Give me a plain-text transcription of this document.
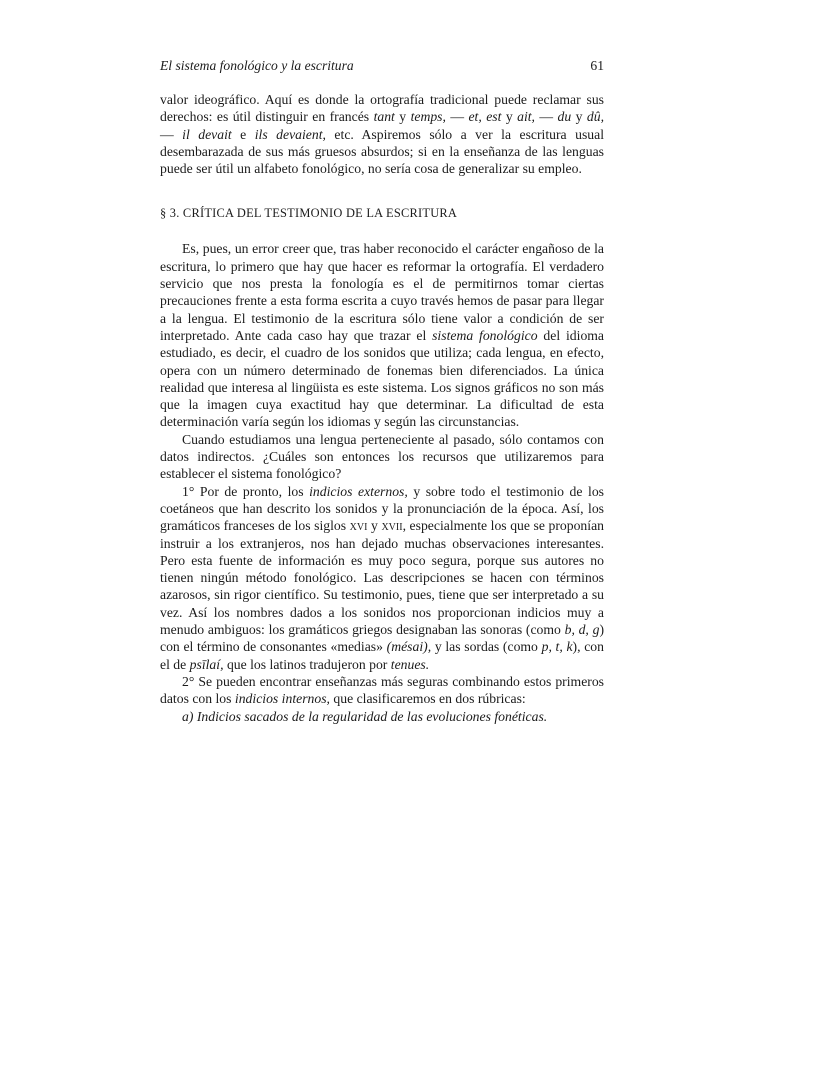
El sistema fonológico y la escritura	61

valor ideográfico. Aquí es donde la ortografía tradicional puede reclamar sus derechos: es útil distinguir en francés tant y temps, — et, est y ait, — du y dû, — il devait e ils devaient, etc. Aspiremos sólo a ver la escritura usual desembarazada de sus más gruesos absurdos; si en la enseñanza de las lenguas puede ser útil un alfabeto fonológico, no sería cosa de generalizar su empleo.

§ 3. CRÍTICA DEL TESTIMONIO DE LA ESCRITURA

Es, pues, un error creer que, tras haber reconocido el carácter engañoso de la escritura, lo primero que hay que hacer es reformar la ortografía. El verdadero servicio que nos presta la fonología es el de permitirnos tomar ciertas precauciones frente a esta forma escrita a cuyo través hemos de pasar para llegar a la lengua. El testimonio de la escritura sólo tiene valor a condición de ser interpretado. Ante cada caso hay que trazar el sistema fonológico del idioma estudiado, es decir, el cuadro de los sonidos que utiliza; cada lengua, en efecto, opera con un número determinado de fonemas bien diferenciados. La única realidad que interesa al lingüista es este sistema. Los signos gráficos no son más que la imagen cuya exactitud hay que determinar. La dificultad de esta determinación varía según los idiomas y según las circunstancias.

Cuando estudiamos una lengua perteneciente al pasado, sólo contamos con datos indirectos. ¿Cuáles son entonces los recursos que utilizaremos para establecer el sistema fonológico?

1° Por de pronto, los indicios externos, y sobre todo el testimonio de los coetáneos que han descrito los sonidos y la pronunciación de la época. Así, los gramáticos franceses de los siglos xvi y xvii, especialmente los que se proponían instruir a los extranjeros, nos han dejado muchas observaciones interesantes. Pero esta fuente de información es muy poco segura, porque sus autores no tienen ningún método fonológico. Las descripciones se hacen con términos azarosos, sin rigor científico. Su testimonio, pues, tiene que ser interpretado a su vez. Así los nombres dados a los sonidos nos proporcionan indicios muy a menudo ambiguos: los gramáticos griegos designaban las sonoras (como b, d, g) con el término de consonantes «medias» (mésai), y las sordas (como p, t, k), con el de psīlaí, que los latinos tradujeron por tenues.

2° Se pueden encontrar enseñanzas más seguras combinando estos primeros datos con los indicios internos, que clasificaremos en dos rúbricas:

a) Indicios sacados de la regularidad de las evoluciones fonéticas.
